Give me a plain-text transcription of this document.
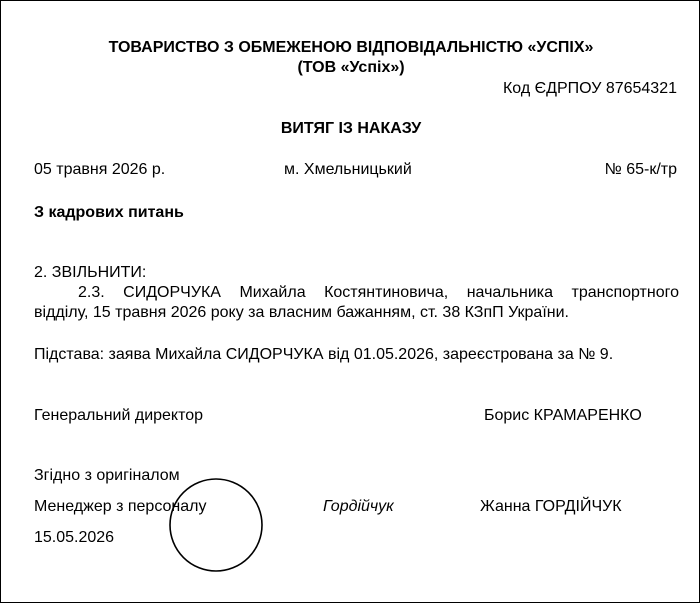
ТОВАРИСТВО З ОБМЕЖЕНОЮ ВІДПОВІДАЛЬНІСТЮ «УСПІХ»
(ТОВ «Успіх»)
Код ЄДРПОУ 87654321
ВИТЯГ ІЗ НАКАЗУ
05 травня 2026 р.	м. Хмельницький	№ 65-к/тр
З кадрових питань
2. ЗВІЛЬНИТИ:
2.3. СИДОРЧУКА Михайла Костянтиновича, начальника транспортного
відділу, 15 травня 2026 року за власним бажанням, ст. 38 КЗпП України.
Підстава: заява Михайла СИДОРЧУКА від 01.05.2026, зареєстрована за № 9.
Генеральний директор	Борис КРАМАРЕНКО
Згідно з оригіналом
Менеджер з персоналу	Гордійчук	Жанна ГОРДІЙЧУК
15.05.2026
